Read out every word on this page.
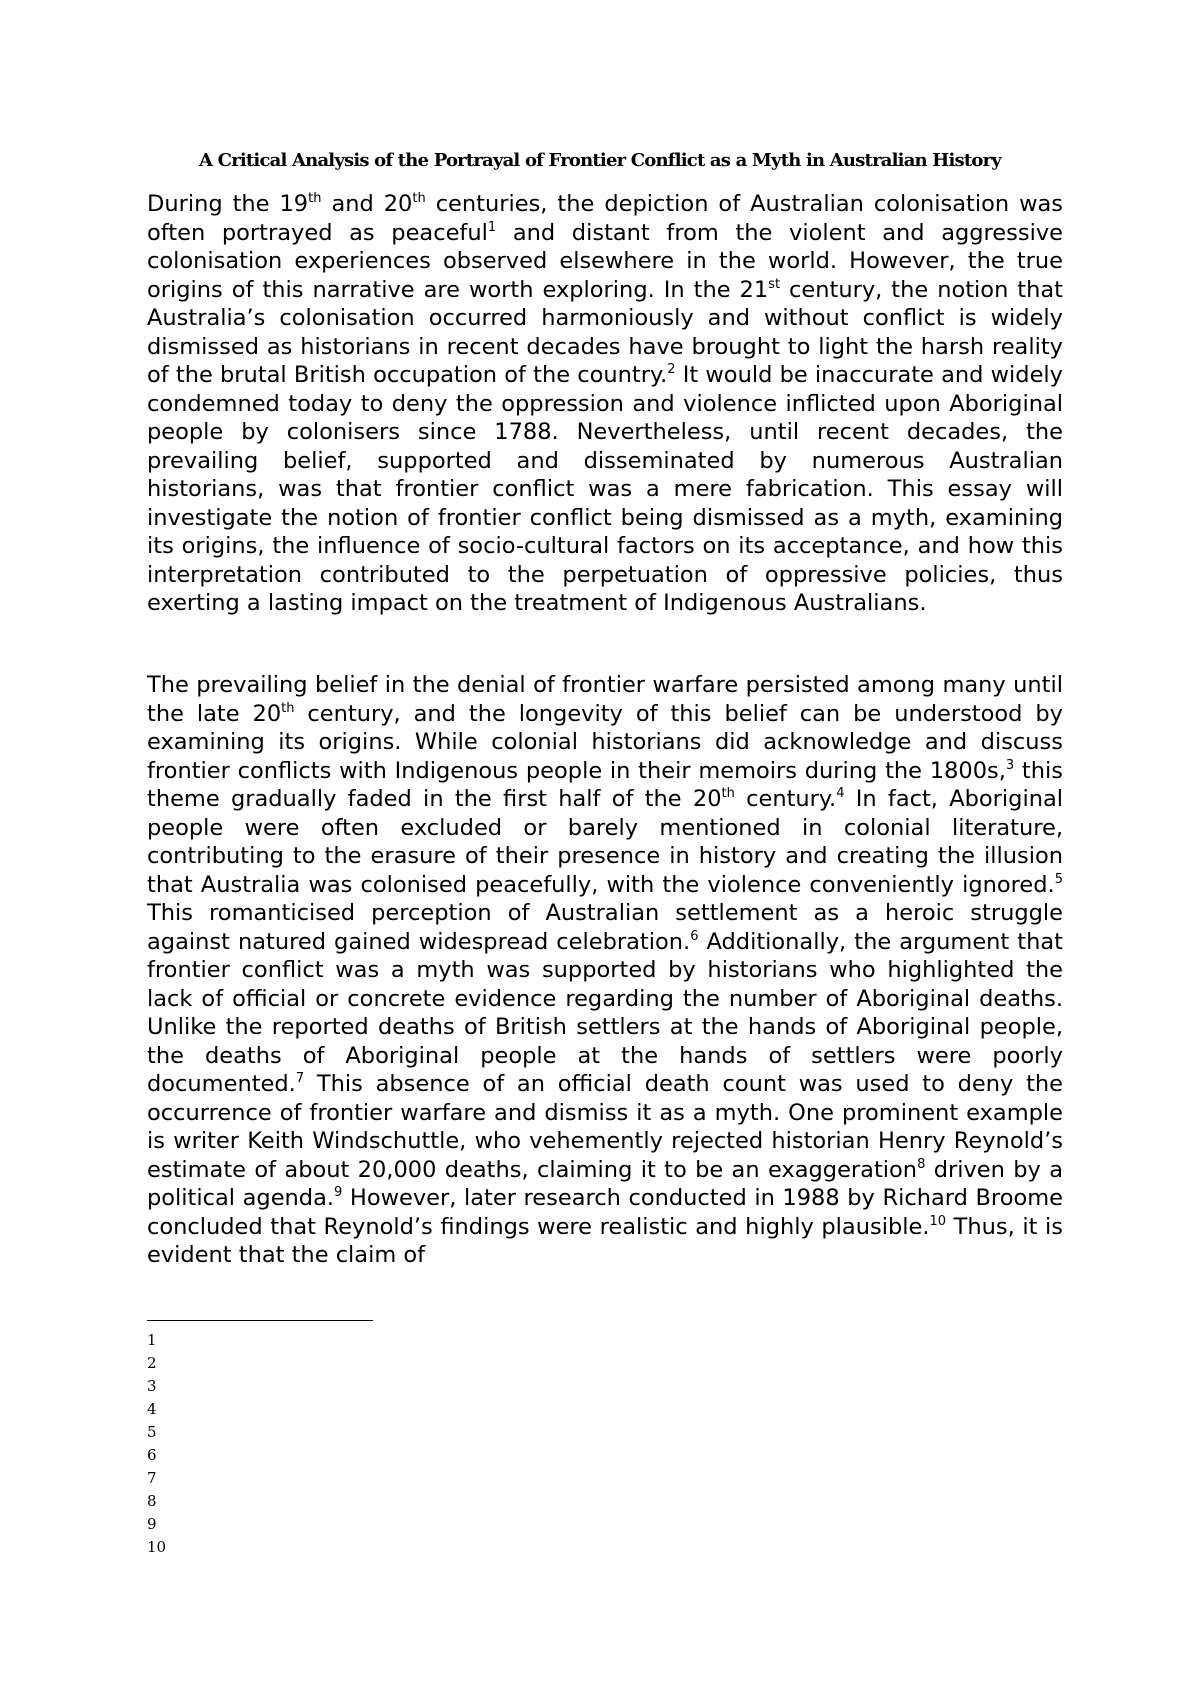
A Critical Analysis of the Portrayal of Frontier Conflict as a Myth in Australian History

During the 19th and 20th centuries, the depiction of Australian colonisation was often portrayed as peaceful$^1$ and distant from the violent and aggressive colonisation experiences observed elsewhere in the world. However, the true origins of this narrative are worth exploring. In the 21st century, the notion that Australia’s colonisation occurred harmoniously and without conflict is widely dismissed as historians in recent decades have brought to light the harsh reality of the brutal British occupation of the country.$^2$ It would be inaccurate and widely condemned today to deny the oppression and violence inflicted upon Aboriginal people by colonisers since 1788. Nevertheless, until recent decades, the prevailing belief, supported and disseminated by numerous Australian historians, was that frontier conflict was a mere fabrication. This essay will investigate the notion of frontier conflict being dismissed as a myth, examining its origins, the influence of socio-cultural factors on its acceptance, and how this interpretation contributed to the perpetuation of oppressive policies, thus exerting a lasting impact on the treatment of Indigenous Australians.

The prevailing belief in the denial of frontier warfare persisted among many until the late 20th century, and the longevity of this belief can be understood by examining its origins. While colonial historians did acknowledge and discuss frontier conflicts with Indigenous people in their memoirs during the 1800s,$^3$ this theme gradually faded in the first half of the 20th century.$^4$ In fact, Aboriginal people were often excluded or barely mentioned in colonial literature, contributing to the erasure of their presence in history and creating the illusion that Australia was colonised peacefully, with the violence conveniently ignored.$^5$ This romanticised perception of Australian settlement as a heroic struggle against natured gained widespread celebration.$^6$ Additionally, the argument that frontier conflict was a myth was supported by historians who highlighted the lack of official or concrete evidence regarding the number of Aboriginal deaths. Unlike the reported deaths of British settlers at the hands of Aboriginal people, the deaths of Aboriginal people at the hands of settlers were poorly documented.$^7$ This absence of an official death count was used to deny the occurrence of frontier warfare and dismiss it as a myth. One prominent example is writer Keith Windschuttle, who vehemently rejected historian Henry Reynold’s estimate of about 20,000 deaths, claiming it to be an exaggeration$^8$ driven by a political agenda.$^9$ However, later research conducted in 1988 by Richard Broome concluded that Reynold’s findings were realistic and highly plausible.$^{10}$ Thus, it is evident that the claim of

1
2
3
4
5
6
7
8
9
10
